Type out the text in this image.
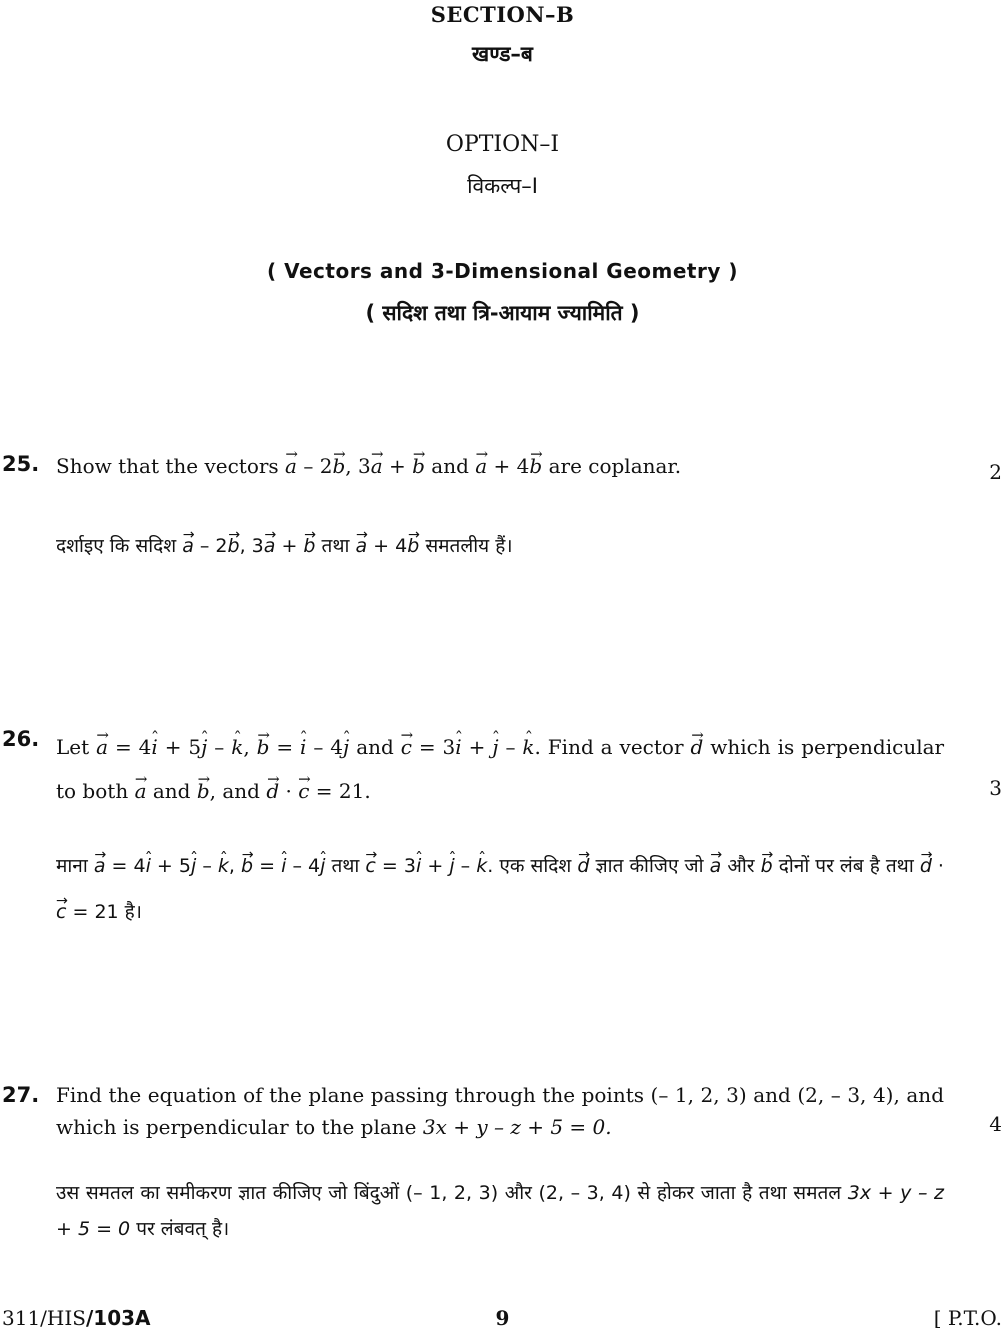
SECTION–B
खण्ड–ब
OPTION–I
विकल्प–I
( Vectors and 3-Dimensional Geometry )
( सदिश तथा त्रि-आयाम ज्यामिति )
25.	2
Show that the vectors → a – 2→ b, 3→ a + → b and → a + 4→ b are coplanar.
दर्शाइए कि सदिश → a – 2→ b, 3→ a + → b तथा → a + 4→ b समतलीय हैं।
26.
3
Let → a = 4ˆ i + 5ˆ j – ˆ k, → b = ˆ i – 4ˆ j and → c = 3ˆ i + ˆ j – ˆ k. Find a vector → d which is perpendicular to both → a and → b, and → d · → c = 21.
माना → a = 4ˆ i + 5ˆ j – ˆ k, → b = ˆ i – 4ˆ j तथा → c = 3ˆ i + ˆ j – ˆ k. एक सदिश → d ज्ञात कीजिए जो → a और → b दोनों पर लंब है तथा → d · → c = 21 है।
27.
4
Find the equation of the plane passing through the points (– 1, 2, 3) and (2, – 3, 4), and which is perpendicular to the plane 3x + y – z + 5 = 0.
उस समतल का समीकरण ज्ञात कीजिए जो बिंदुओं (– 1, 2, 3) और (2, – 3, 4) से होकर जाता है तथा समतल 3x + y – z + 5 = 0 पर लंबवत् है।
311/HIS/103A	9	[ P.T.O.
